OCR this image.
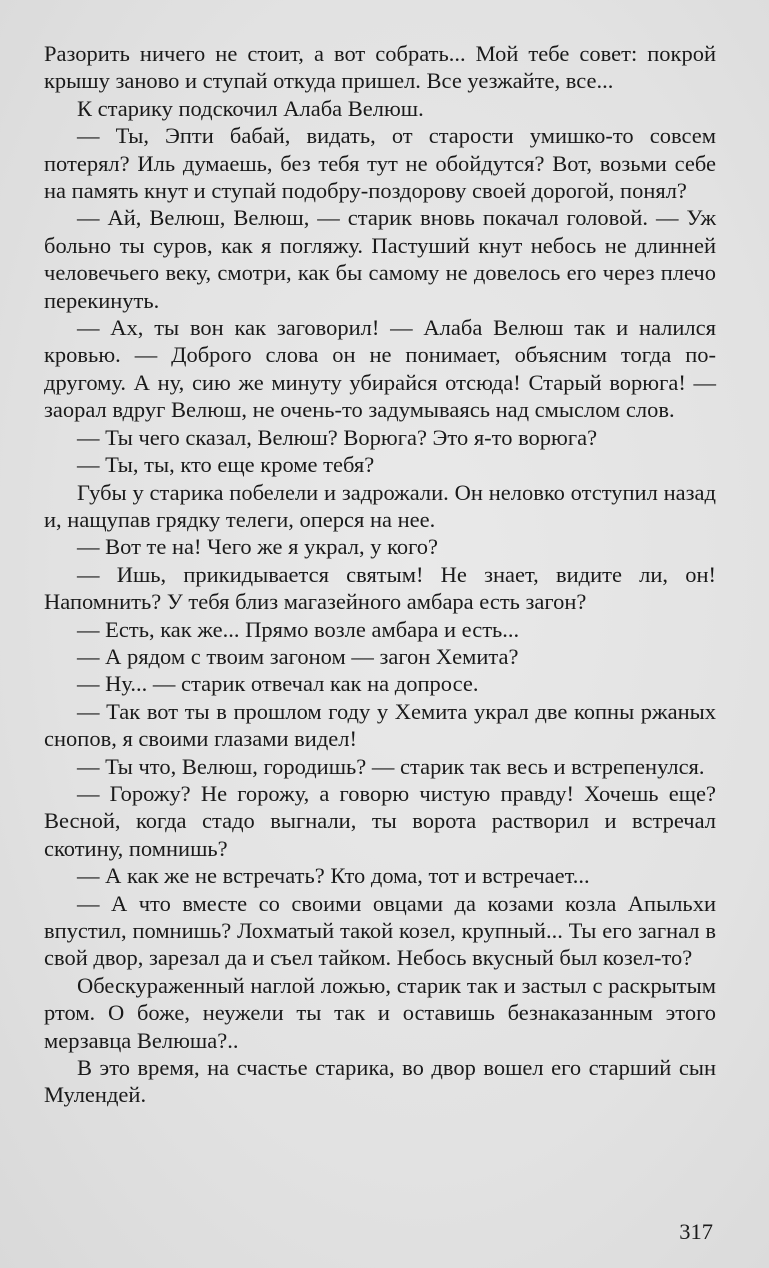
Разорить ничего не стоит, а вот собрать... Мой тебе совет: покрой крышу заново и ступай откуда пришел. Все уезжайте, все...

К старику подскочил Алаба Велюш.

— Ты, Эпти бабай, видать, от старости умишко-то совсем потерял? Иль думаешь, без тебя тут не обойдутся? Вот, возьми себе на память кнут и ступай подобру-поздорову своей дорогой, понял?

— Ай, Велюш, Велюш, — старик вновь покачал головой. — Уж больно ты суров, как я погляжу. Пастуший кнут небось не длинней человечьего веку, смотри, как бы самому не довелось его через плечо перекинуть.

— Ах, ты вон как заговорил! — Алаба Велюш так и налился кровью. — Доброго слова он не понимает, объясним тогда по-другому. А ну, сию же минуту убирайся отсюда! Старый ворюга! — заорал вдруг Велюш, не очень-то задумываясь над смыслом слов.

— Ты чего сказал, Велюш? Ворюга? Это я-то ворюга?

— Ты, ты, кто еще кроме тебя?

Губы у старика побелели и задрожали. Он неловко отступил назад и, нащупав грядку телеги, оперся на нее.

— Вот те на! Чего же я украл, у кого?

— Ишь, прикидывается святым! Не знает, видите ли, он! Напомнить? У тебя близ магазейного амбара есть загон?

— Есть, как же... Прямо возле амбара и есть...

— А рядом с твоим загоном — загон Хемита?

— Ну... — старик отвечал как на допросе.

— Так вот ты в прошлом году у Хемита украл две копны ржаных снопов, я своими глазами видел!

— Ты что, Велюш, городишь? — старик так весь и встрепенулся.

— Горожу? Не горожу, а говорю чистую правду! Хочешь еще? Весной, когда стадо выгнали, ты ворота растворил и встречал скотину, помнишь?

— А как же не встречать? Кто дома, тот и встречает...

— А что вместе со своими овцами да козами козла Апыльхи впустил, помнишь? Лохматый такой козел, крупный... Ты его загнал в свой двор, зарезал да и съел тайком. Небось вкусный был козел-то?

Обескураженный наглой ложью, старик так и застыл с раскрытым ртом. О боже, неужели ты так и оставишь безнаказанным этого мерзавца Велюша?..

В это время, на счастье старика, во двор вошел его старший сын Мулендей.

317
